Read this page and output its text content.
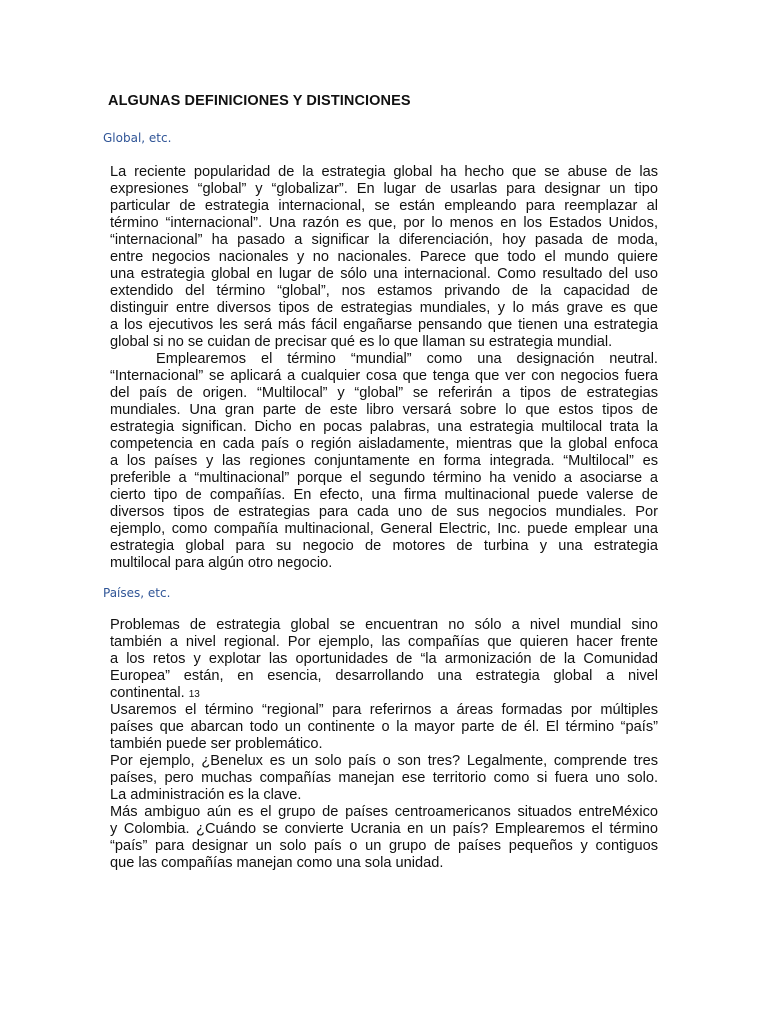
ALGUNAS DEFINICIONES Y DISTINCIONES
Global, etc.
La reciente popularidad de la estrategia global ha hecho que se abuse de las
expresiones “global” y “globalizar”. En lugar de usarlas para designar un tipo
particular de estrategia internacional, se están empleando para reemplazar al
término “internacional”. Una razón es que, por lo menos en los Estados Unidos,
“internacional” ha pasado a significar la diferenciación, hoy pasada de moda,
entre negocios nacionales y no nacionales. Parece que todo el mundo quiere
una estrategia global en lugar de sólo una internacional. Como resultado del uso
extendido del término “global”, nos estamos privando de la capacidad de
distinguir entre diversos tipos de estrategias mundiales, y lo más grave es que
a los ejecutivos les será más fácil engañarse pensando que tienen una estrategia
global si no se cuidan de precisar qué es lo que llaman su estrategia mundial.
Emplearemos el término “mundial” como una designación neutral.
“Internacional” se aplicará a cualquier cosa que tenga que ver con negocios fuera
del país de origen. “Multilocal” y “global” se referirán a tipos de estrategias
mundiales. Una gran parte de este libro versará sobre lo que estos tipos de
estrategia significan. Dicho en pocas palabras, una estrategia multilocal trata la
competencia en cada país o región aisladamente, mientras que la global enfoca
a los países y las regiones conjuntamente en forma integrada. “Multilocal” es
preferible a “multinacional” porque el segundo término ha venido a asociarse a
cierto tipo de compañías. En efecto, una firma multinacional puede valerse de
diversos tipos de estrategias para cada uno de sus negocios mundiales. Por
ejemplo, como compañía multinacional, General Electric, Inc. puede emplear una
estrategia global para su negocio de motores de turbina y una estrategia
multilocal para algún otro negocio.
Países, etc.
Problemas de estrategia global se encuentran no sólo a nivel mundial sino
también a nivel regional. Por ejemplo, las compañías que quieren hacer frente
a los retos y explotar las oportunidades de “la armonización de la Comunidad
Europea” están, en esencia, desarrollando una estrategia global a nivel
continental. 13
Usaremos el término “regional” para referirnos a áreas formadas por múltiples
países que abarcan todo un continente o la mayor parte de él. El término “país”
también puede ser problemático.
Por ejemplo, ¿Benelux es un solo país o son tres? Legalmente, comprende tres
países, pero muchas compañías manejan ese territorio como si fuera uno solo.
La administración es la clave.
Más ambiguo aún es el grupo de países centroamericanos situados entreMéxico
y Colombia. ¿Cuándo se convierte Ucrania en un país? Emplearemos el término
“país” para designar un solo país o un grupo de países pequeños y contiguos
que las compañías manejan como una sola unidad.
